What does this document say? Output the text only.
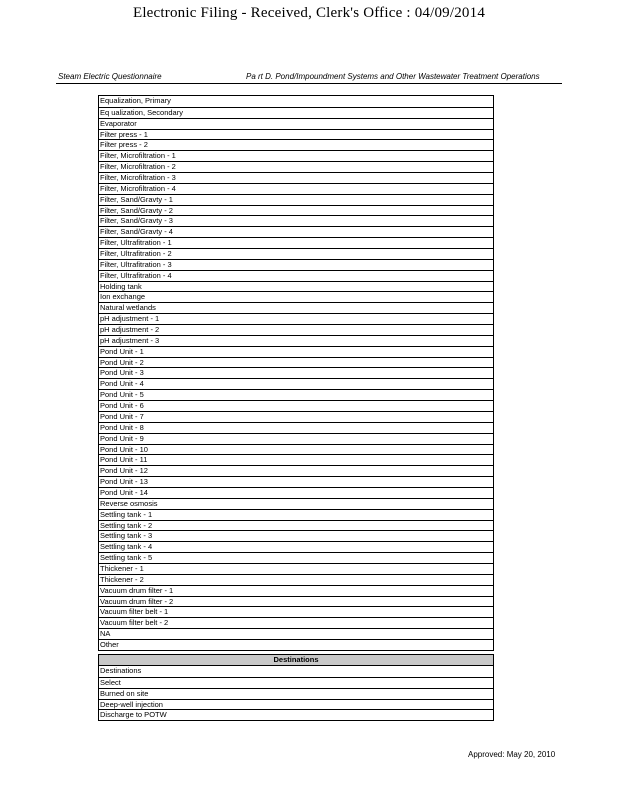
Electronic Filing - Received, Clerk's Office : 04/09/2014
Steam Electric Questionnaire	Pa rt D. Pond/Impoundment Systems and Other Wastewater Treatment Operations
Equalization, Primary
Eq ualization, Secondary
Evaporator
Filter press - 1
Filter press - 2
Filter, Microfiltration - 1
Filter, Microfiltration - 2
Filter, Microfiltration - 3
Filter, Microfiltration - 4
Filter, Sand/Gravty - 1
Filter, Sand/Gravty - 2
Filter, Sand/Gravty - 3
Filter, Sand/Gravty - 4
Filter, Ultrafitration - 1
Filter, Ultrafitration - 2
Filter, Ultrafitration - 3
Filter, Ultrafitration - 4
Holding tank
Ion exchange
Natural wetlands
pH adjustment - 1
pH adjustment - 2
pH adjustment - 3
Pond Unit - 1
Pond Unit - 2
Pond Unit - 3
Pond Unit - 4
Pond Unit - 5
Pond Unit - 6
Pond Unit - 7
Pond Unit - 8
Pond Unit - 9
Pond Unit - 10
Pond Unit - 11
Pond Unit - 12
Pond Unit - 13
Pond Unit - 14
Reverse osmosis
Settling tank - 1
Settling tank - 2
Settling tank - 3
Settling tank - 4
Settling tank - 5
Thickener - 1
Thickener - 2
Vacuum drum filter - 1
Vacuum drum filter - 2
Vacuum filter belt - 1
Vacuum filter belt - 2
NA
Other
Destinations
Destinations
Select
Burned on site
Deep-well injection
Discharge to POTW
Approved: May 20, 2010
